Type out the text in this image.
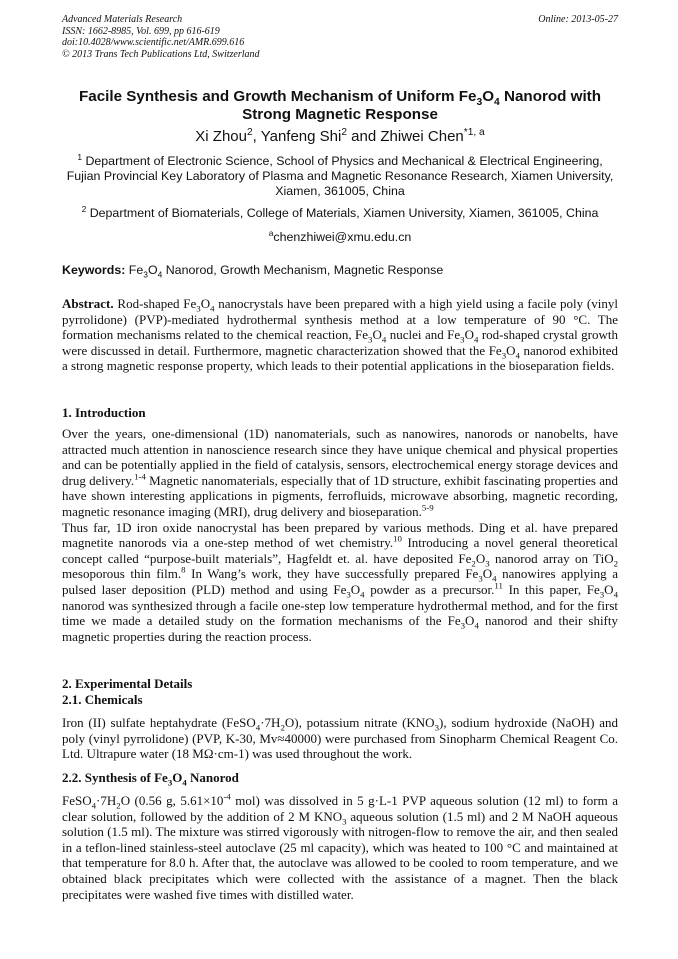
Advanced Materials Research
ISSN: 1662-8985, Vol. 699, pp 616-619
doi:10.4028/www.scientific.net/AMR.699.616
© 2013 Trans Tech Publications Ltd, Switzerland
Online: 2013-05-27
Facile Synthesis and Growth Mechanism of Uniform $Fe_3O_4$ Nanorod with
Strong Magnetic Response
Xi Zhou$^2$, Yanfeng Shi$^2$ and Zhiwei Chen$^{*1, a}$
$^1$ Department of Electronic Science, School of Physics and Mechanical & Electrical Engineering,
Fujian Provincial Key Laboratory of Plasma and Magnetic Resonance Research, Xiamen University,
Xiamen, 361005, China
$^2$ Department of Biomaterials, College of Materials, Xiamen University, Xiamen, 361005, China
$^a$chenzhiwei@xmu.edu.cn
Keywords: $Fe_3O_4$ Nanorod, Growth Mechanism, Magnetic Response

Abstract. Rod-shaped $Fe_3O_4$ nanocrystals have been prepared with a high yield using a facile poly (vinyl pyrrolidone) (PVP)-mediated hydrothermal synthesis method at a low temperature of 90 °C. The formation mechanisms related to the chemical reaction, $Fe_3O_4$ nuclei and $Fe_3O_4$ rod-shaped crystal growth were discussed in detail. Furthermore, magnetic characterization showed that the $Fe_3O_4$ nanorod exhibited a strong magnetic response property, which leads to their potential applications in the bioseparation fields.

1. Introduction

Over the years, one-dimensional (1D) nanomaterials, such as nanowires, nanorods or nanobelts, have attracted much attention in nanoscience research since they have unique chemical and physical properties and can be potentially applied in the field of catalysis, sensors, electrochemical energy storage devices and drug delivery.$^{1-4}$ Magnetic nanomaterials, especially that of 1D structure, exhibit fascinating properties and have shown interesting applications in pigments, ferrofluids, microwave absorbing, magnetic recording, magnetic resonance imaging (MRI), drug delivery and bioseparation.$^{5-9}$

Thus far, 1D iron oxide nanocrystal has been prepared by various methods. Ding et al. have prepared magnetite nanorods via a one-step method of wet chemistry.$^{10}$ Introducing a novel general theoretical concept called “purpose-built materials”, Hagfeldt et. al. have deposited $Fe_2O_3$ nanorod array on TiO$_2$ mesoporous thin film.$^8$ In Wang’s work, they have successfully prepared $Fe_3O_4$ nanowires applying a pulsed laser deposition (PLD) method and using $Fe_3O_4$ powder as a precursor.$^{11}$ In this paper, $Fe_3O_4$ nanorod was synthesized through a facile one-step low temperature hydrothermal method, and for the first time we made a detailed study on the formation mechanisms of the $Fe_3O_4$ nanorod and their shifty magnetic properties during the reaction process.

2. Experimental Details
2.1. Chemicals

Iron (II) sulfate heptahydrate $(FeSO_4\cdot 7H_2O)$, potassium nitrate $(KNO_3)$, sodium hydroxide (NaOH) and poly (vinyl pyrrolidone) (PVP, K-30, Mv≈40000) were purchased from Sinopharm Chemical Reagent Co. Ltd. Ultrapure water (18 MΩ·cm-1) was used throughout the work.

2.2. Synthesis of $Fe_3O_4$ Nanorod

$FeSO_4\cdot 7H_2O$ (0.56 g, $5.61\times 10^{-4}$ mol) was dissolved in 5 g·L-1 PVP aqueous solution (12 ml) to form a clear solution, followed by the addition of 2 M $KNO_3$ aqueous solution (1.5 ml) and 2 M NaOH aqueous solution (1.5 ml). The mixture was stirred vigorously with nitrogen-flow to remove the air, and then sealed in a teflon-lined stainless-steel autoclave (25 ml capacity), which was heated to 100 °C and maintained at that temperature for 8.0 h. After that, the autoclave was allowed to be cooled to room temperature, and we obtained black precipitates which were collected with the assistance of a magnet. Then the black precipitates were washed five times with distilled water.
